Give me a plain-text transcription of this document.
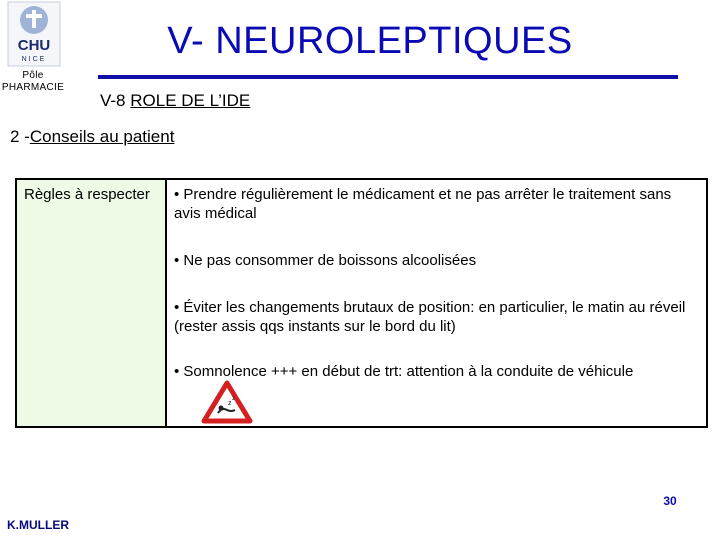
CHU
NICE
Pôle
PHARMACIE
V- NEUROLEPTIQUES
V-8 ROLE DE L’IDE
2 -Conseils au patient
Règles à respecter	• Prendre régulièrement le médicament et ne pas arrêter le traitement sans avis médical

• Ne pas consommer de boissons alcoolisées

• Éviter les changements brutaux de position: en particulier, le matin au réveil (rester assis qqs instants sur le bord du lit)

• Somnolence +++ en début de trt: attention à la conduite de véhicule

z
z
30
K.MULLER
